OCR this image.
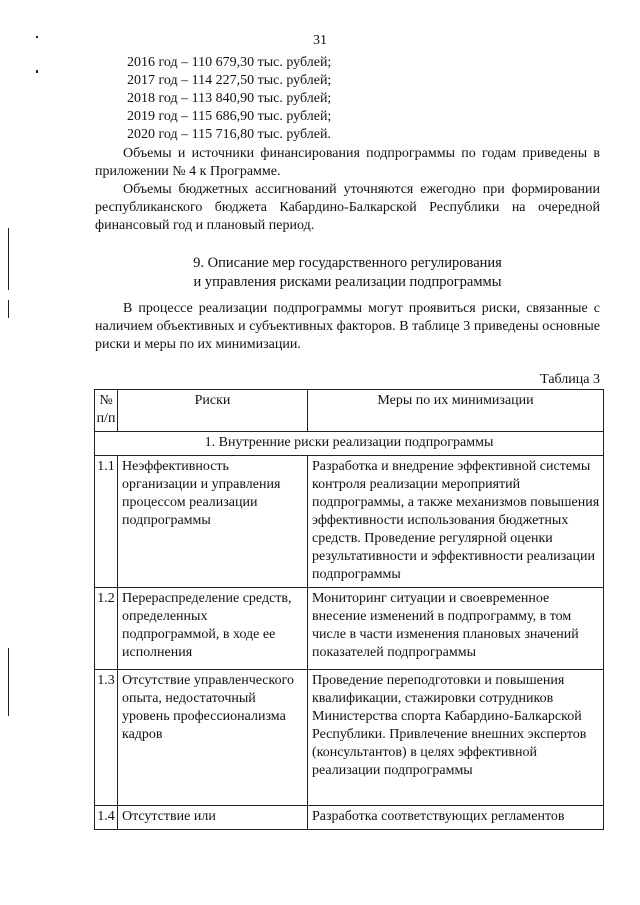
31
2016 год – 110 679,30 тыс. рублей;
2017 год – 114 227,50 тыс. рублей;
2018 год – 113 840,90 тыс. рублей;
2019 год – 115 686,90 тыс. рублей;
2020 год – 115 716,80 тыс. рублей.
Объемы и источники финансирования подпрограммы по годам приведены в приложении № 4 к Программе.
Объемы бюджетных ассигнований уточняются ежегодно при формировании республиканского бюджета Кабардино-Балкарской Республики на очередной финансовый год и плановый период.
9. Описание мер государственного регулирования
и управления рисками реализации подпрограммы
В процессе реализации подпрограммы могут проявиться риски, связанные с наличием объективных и субъективных факторов. В таблице 3 приведены основные риски и меры по их минимизации.
Таблица 3
№
п/п	Риски	Меры по их минимизации
1. Внутренние риски реализации подпрограммы		
1.1	Неэффективность организации и управления процессом реализации подпрограммы	Разработка и внедрение эффективной системы контроля реализации мероприятий подпрограммы, а также механизмов повышения эффективности использования бюджетных средств. Проведение регулярной оценки результативности и эффективности реализации подпрограммы
1.2	Перераспределение средств, определенных подпрограммой, в ходе ее исполнения	Мониторинг ситуации и своевременное внесение изменений в подпрограмму, в том числе в части изменения плановых значений показателей подпрограммы
1.3	Отсутствие управленческого опыта, недостаточный уровень профессионализма кадров	Проведение переподготовки и повышения квалификации, стажировки сотрудников Министерства спорта Кабардино-Балкарской Республики. Привлечение внешних экспертов (консультантов) в целях эффективной реализации подпрограммы
1.4	Отсутствие или	Разработка соответствующих регламентов
